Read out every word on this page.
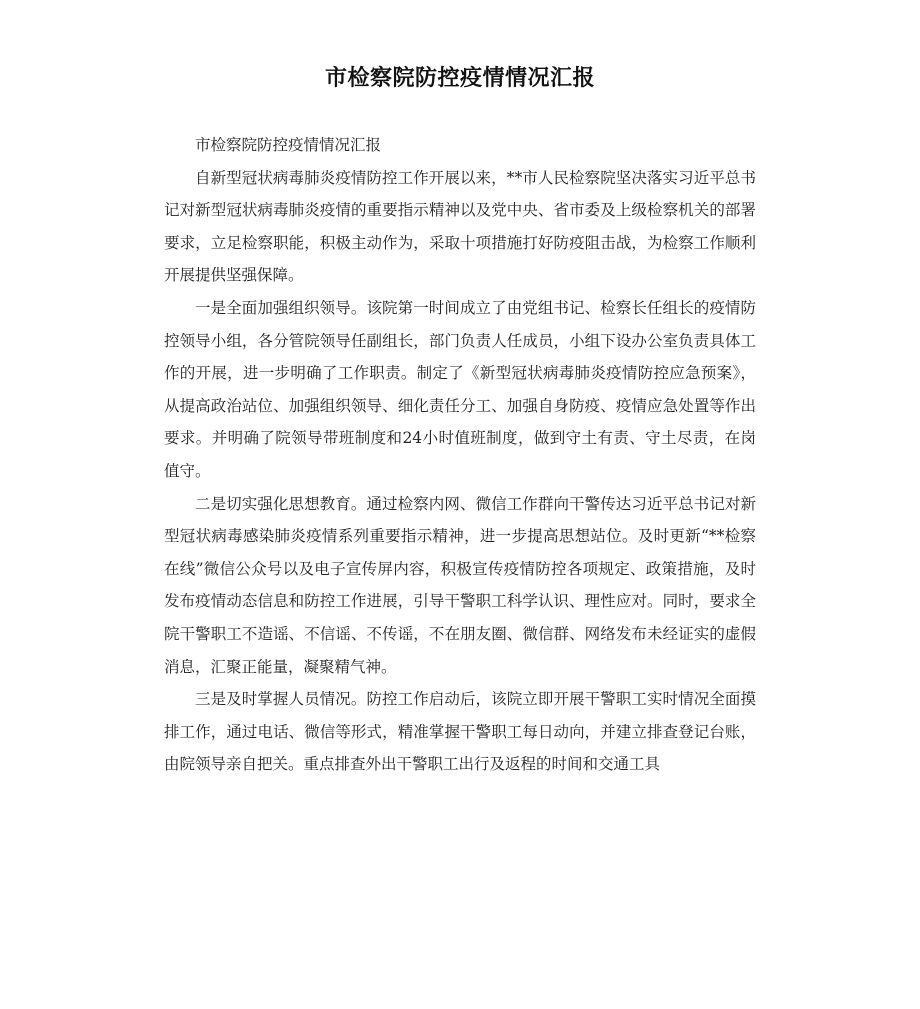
市检察院防控疫情情况汇报

市检察院防控疫情情况汇报

自新型冠状病毒肺炎疫情防控工作开展以来，**市人民检察院坚决落实习近平总书记对新型冠状病毒肺炎疫情的重要指示精神以及党中央、省市委及上级检察机关的部署要求，立足检察职能，积极主动作为，采取十项措施打好防疫阻击战，为检察工作顺利开展提供坚强保障。

一是全面加强组织领导。该院第一时间成立了由党组书记、检察长任组长的疫情防控领导小组，各分管院领导任副组长，部门负责人任成员，小组下设办公室负责具体工作的开展，进一步明确了工作职责。制定了《新型冠状病毒肺炎疫情防控应急预案》，从提高政治站位、加强组织领导、细化责任分工、加强自身防疫、疫情应急处置等作出要求。并明确了院领导带班制度和24小时值班制度，做到守土有责、守土尽责，在岗值守。

二是切实强化思想教育。通过检察内网、微信工作群向干警传达习近平总书记对新型冠状病毒感染肺炎疫情系列重要指示精神，进一步提高思想站位。及时更新“**检察在线”微信公众号以及电子宣传屏内容，积极宣传疫情防控各项规定、政策措施，及时发布疫情动态信息和防控工作进展，引导干警职工科学认识、理性应对。同时，要求全院干警职工不造谣、不信谣、不传谣，不在朋友圈、微信群、网络发布未经证实的虚假消息，汇聚正能量，凝聚精气神。

三是及时掌握人员情况。防控工作启动后，该院立即开展干警职工实时情况全面摸排工作，通过电话、微信等形式，精准掌握干警职工每日动向，并建立排查登记台账，由院领导亲自把关。重点排查外出干警职工出行及返程的时间和交通工具
